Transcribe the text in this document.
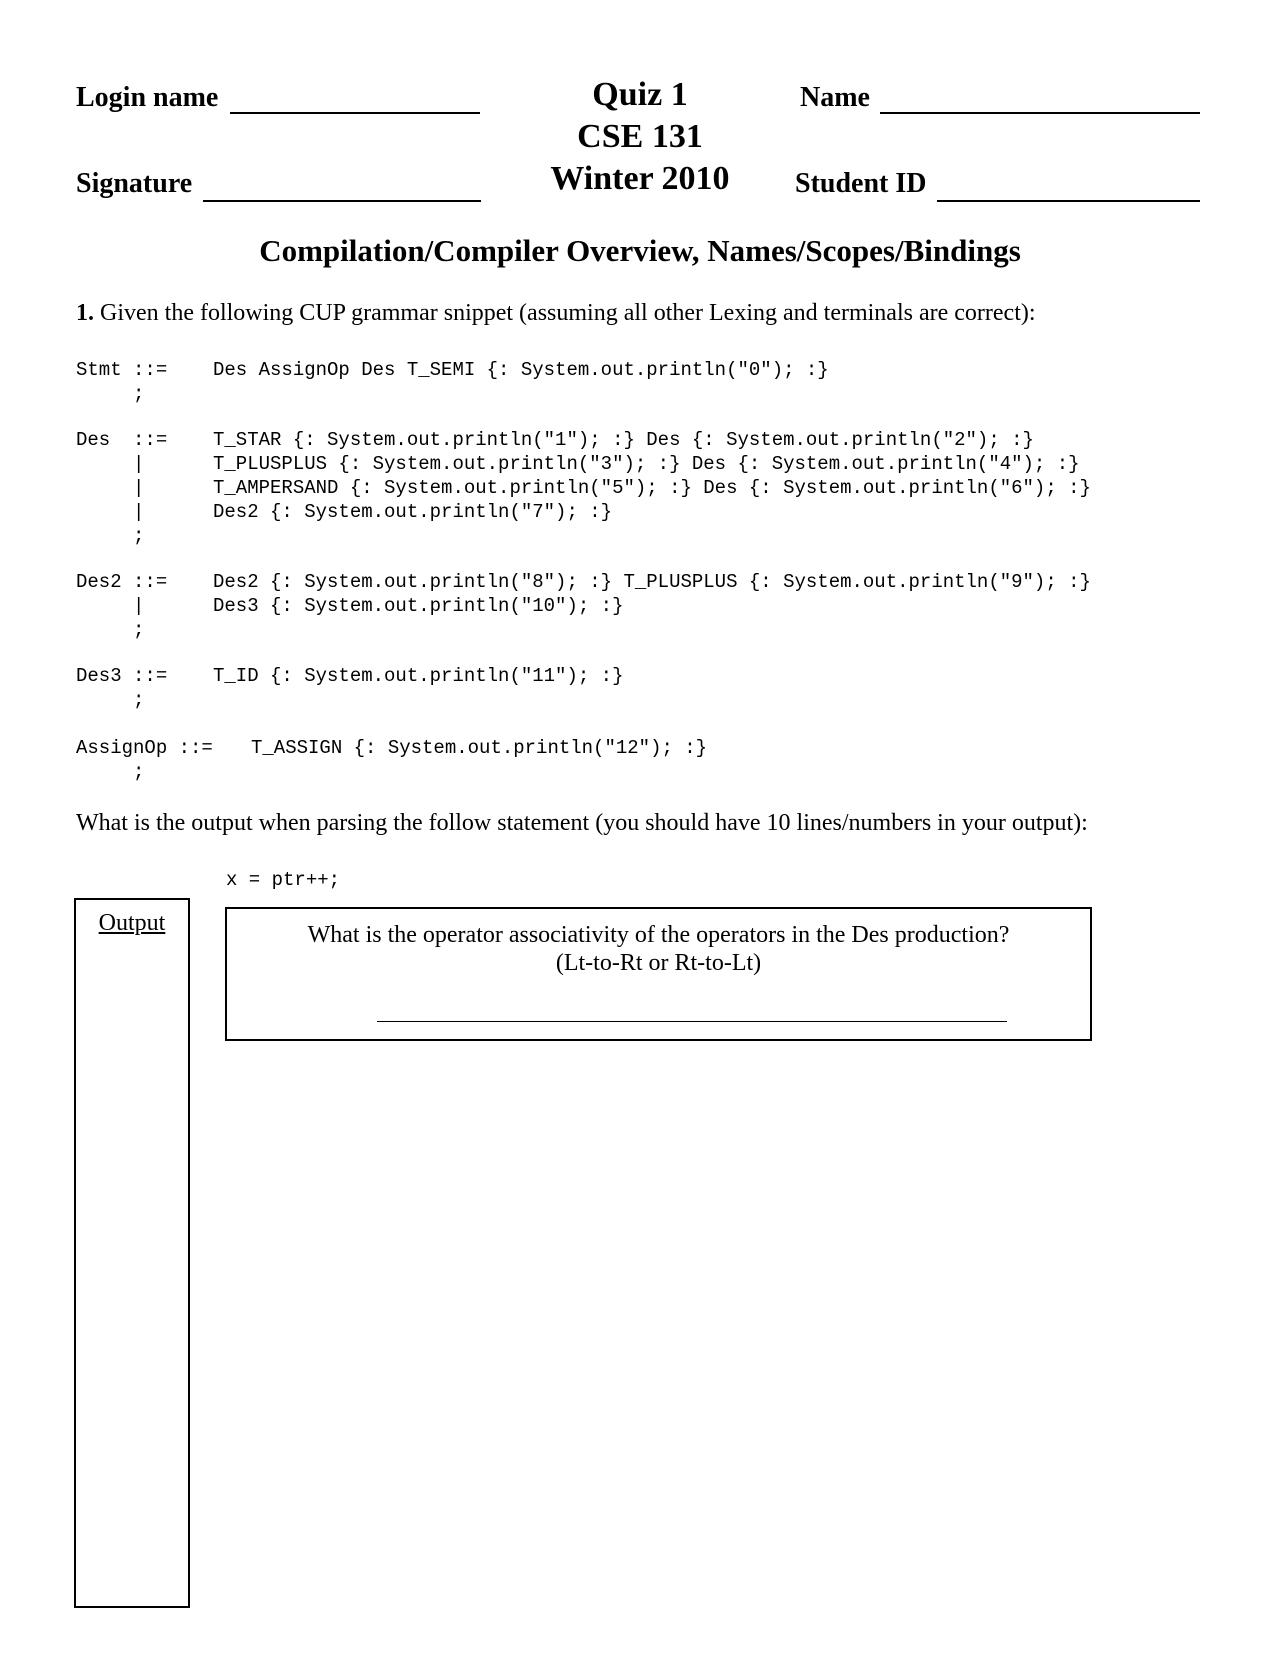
Login name
Signature
Quiz 1
CSE 131
Winter 2010
Name
Student ID
Compilation/Compiler Overview, Names/Scopes/Bindings
1. Given the following CUP grammar snippet (assuming all other Lexing and terminals are correct):
Stmt ::= Des AssignOp Des T_SEMI {: System.out.println("0"); :}
;
Des  ::= T_STAR {: System.out.println("1"); :} Des {: System.out.println("2"); :}
|	T_PLUSPLUS {: System.out.println("3"); :} Des {: System.out.println("4"); :}
|	T_AMPERSAND {: System.out.println("5"); :} Des {: System.out.println("6"); :}
|	Des2 {: System.out.println("7"); :}
;
Des2 ::= Des2 {: System.out.println("8"); :} T_PLUSPLUS {: System.out.println("9"); :}
|	Des3 {: System.out.println("10"); :}
;
Des3 ::= T_ID {: System.out.println("11"); :}
;
AssignOp ::= T_ASSIGN {: System.out.println("12"); :}
;
What is the output when parsing the follow statement (you should have 10 lines/numbers in your output):
x = ptr++;
Output	What is the operator associativity of the operators in the Des production?
(Lt-to-Rt or Rt-to-Lt)
